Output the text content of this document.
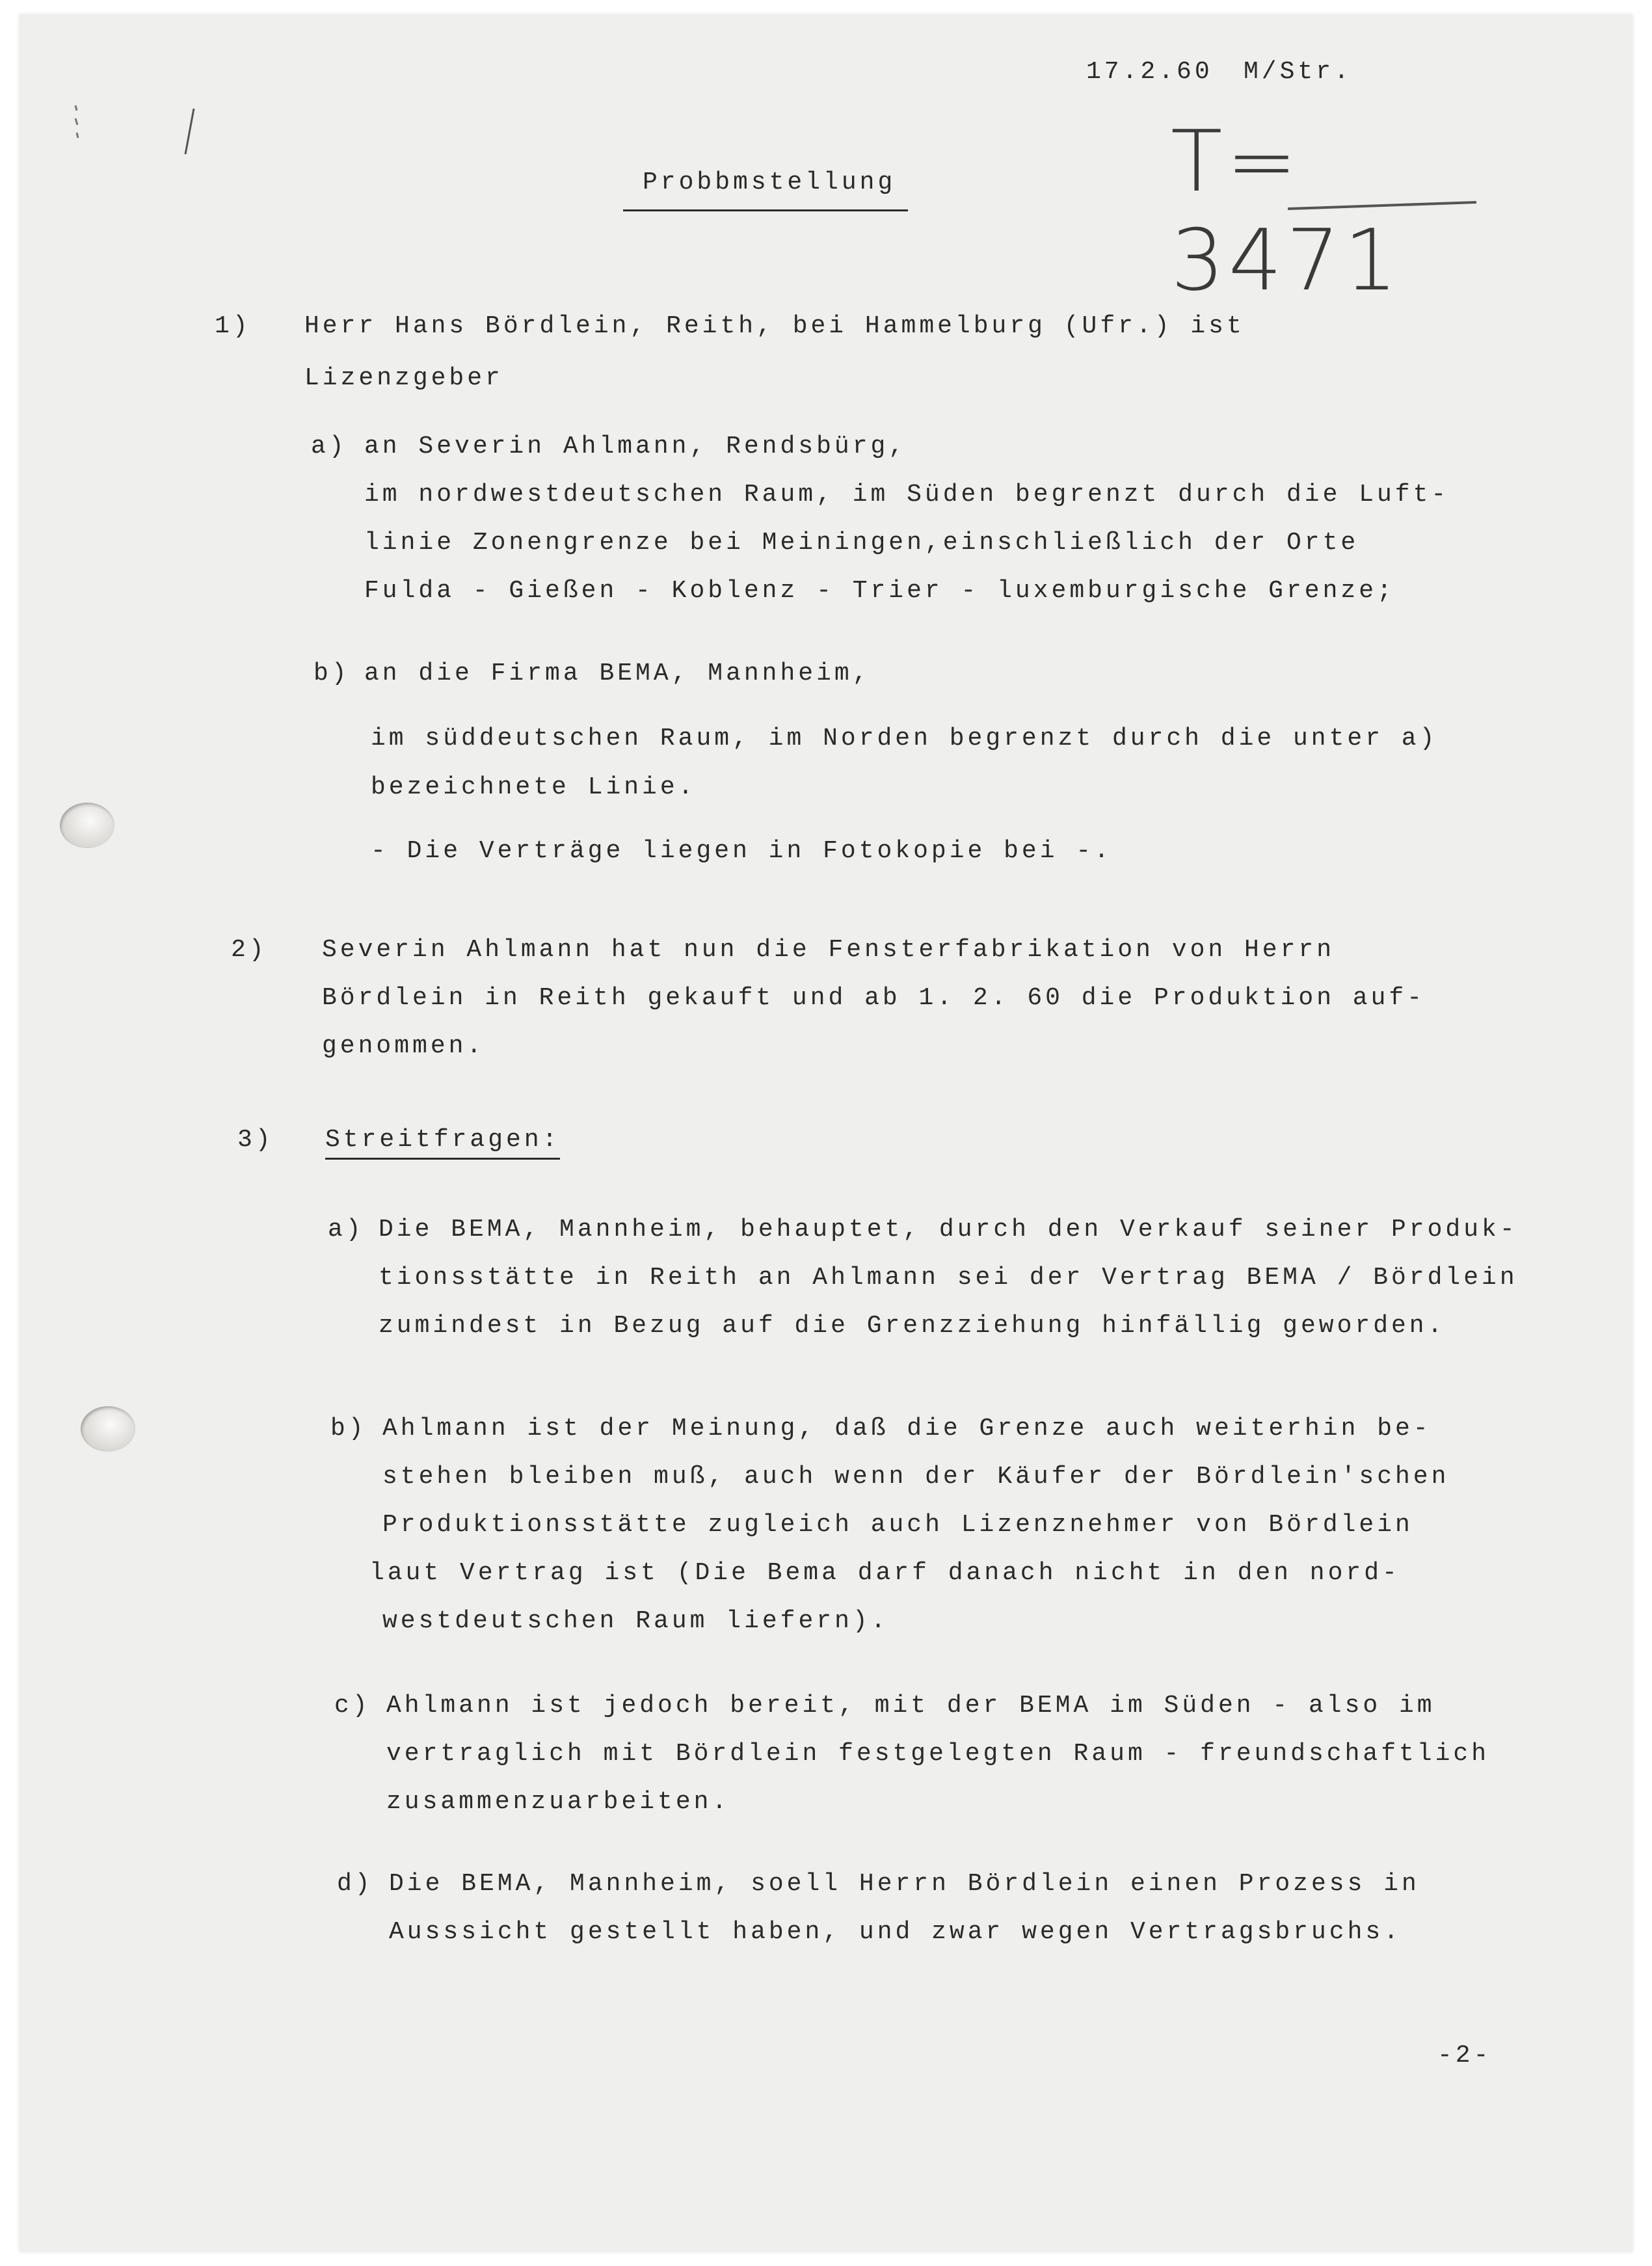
17.2.60 M/Str.
T= 3471
Probbmstellung
1) Herr Hans Bördlein, Reith, bei Hammelburg (Ufr.) ist
Lizenzgeber
a) an Severin Ahlmann, Rendsbürg,
im nordwestdeutschen Raum, im Süden begrenzt durch die Luft-
linie Zonengrenze bei Meiningen,einschließlich der Orte
Fulda - Gießen - Koblenz - Trier - luxemburgische Grenze;
b) an die Firma BEMA, Mannheim,
im süddeutschen Raum, im Norden begrenzt durch die unter a)
bezeichnete Linie.
- Die Verträge liegen in Fotokopie bei -.
2) Severin Ahlmann hat nun die Fensterfabrikation von Herrn
Bördlein in Reith gekauft und ab 1. 2. 60 die Produktion auf-
genommen.
3) Streitfragen:
a) Die BEMA, Mannheim, behauptet, durch den Verkauf seiner Produk-
tionsstätte in Reith an Ahlmann sei der Vertrag BEMA / Bördlein
zumindest in Bezug auf die Grenzziehung hinfällig geworden.
b) Ahlmann ist der Meinung, daß die Grenze auch weiterhin be-
stehen bleiben muß, auch wenn der Käufer der Bördlein'schen
Produktionsstätte zugleich auch Lizenznehmer von Bördlein
laut Vertrag ist (Die Bema darf danach nicht in den nord-
westdeutschen Raum liefern).
c) Ahlmann ist jedoch bereit, mit der BEMA im Süden - also im
vertraglich mit Bördlein festgelegten Raum - freundschaftlich
zusammenzuarbeiten.
d) Die BEMA, Mannheim, soell Herrn Bördlein einen Prozess in
Ausssicht gestellt haben, und zwar wegen Vertragsbruchs.
-2-
